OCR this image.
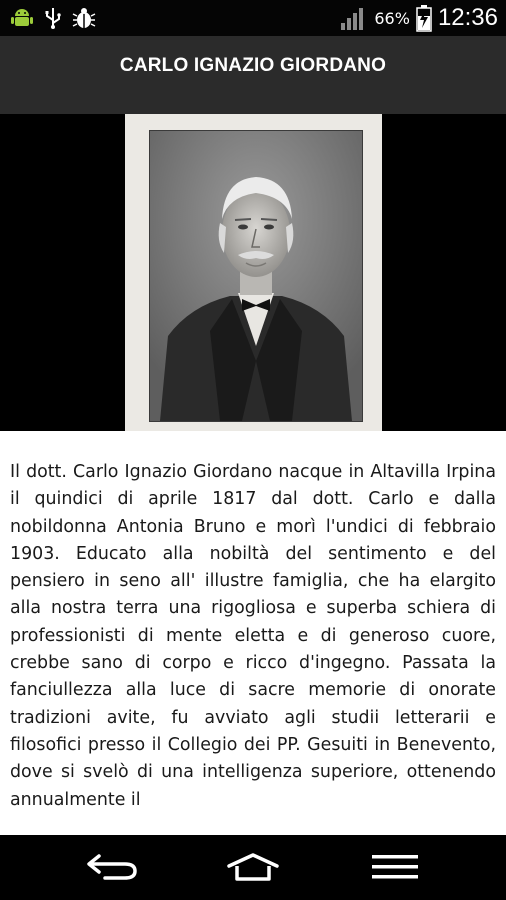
66% 12:36
CARLO IGNAZIO GIORDANO

Il dott. Carlo Ignazio Giordano nacque in Altavilla Irpina il quindici di aprile 1817 dal dott. Carlo e dalla nobildonna Antonia Bruno e morì l'undici di febbraio 1903. Educato alla nobiltà del sentimento e del pensiero in seno all' illustre famiglia, che ha elargito alla nostra terra una rigogliosa e superba schiera di professionisti di mente eletta e di generoso cuore, crebbe sano di corpo e ricco d'ingegno. Passata la fanciullezza alla luce di sacre memorie di onorate tradizioni avite, fu avviato agli studii letterarii e filosofici presso il Collegio dei PP. Gesuiti in Benevento, dove si svelò di una intelligenza superiore, ottenendo annualmente il
